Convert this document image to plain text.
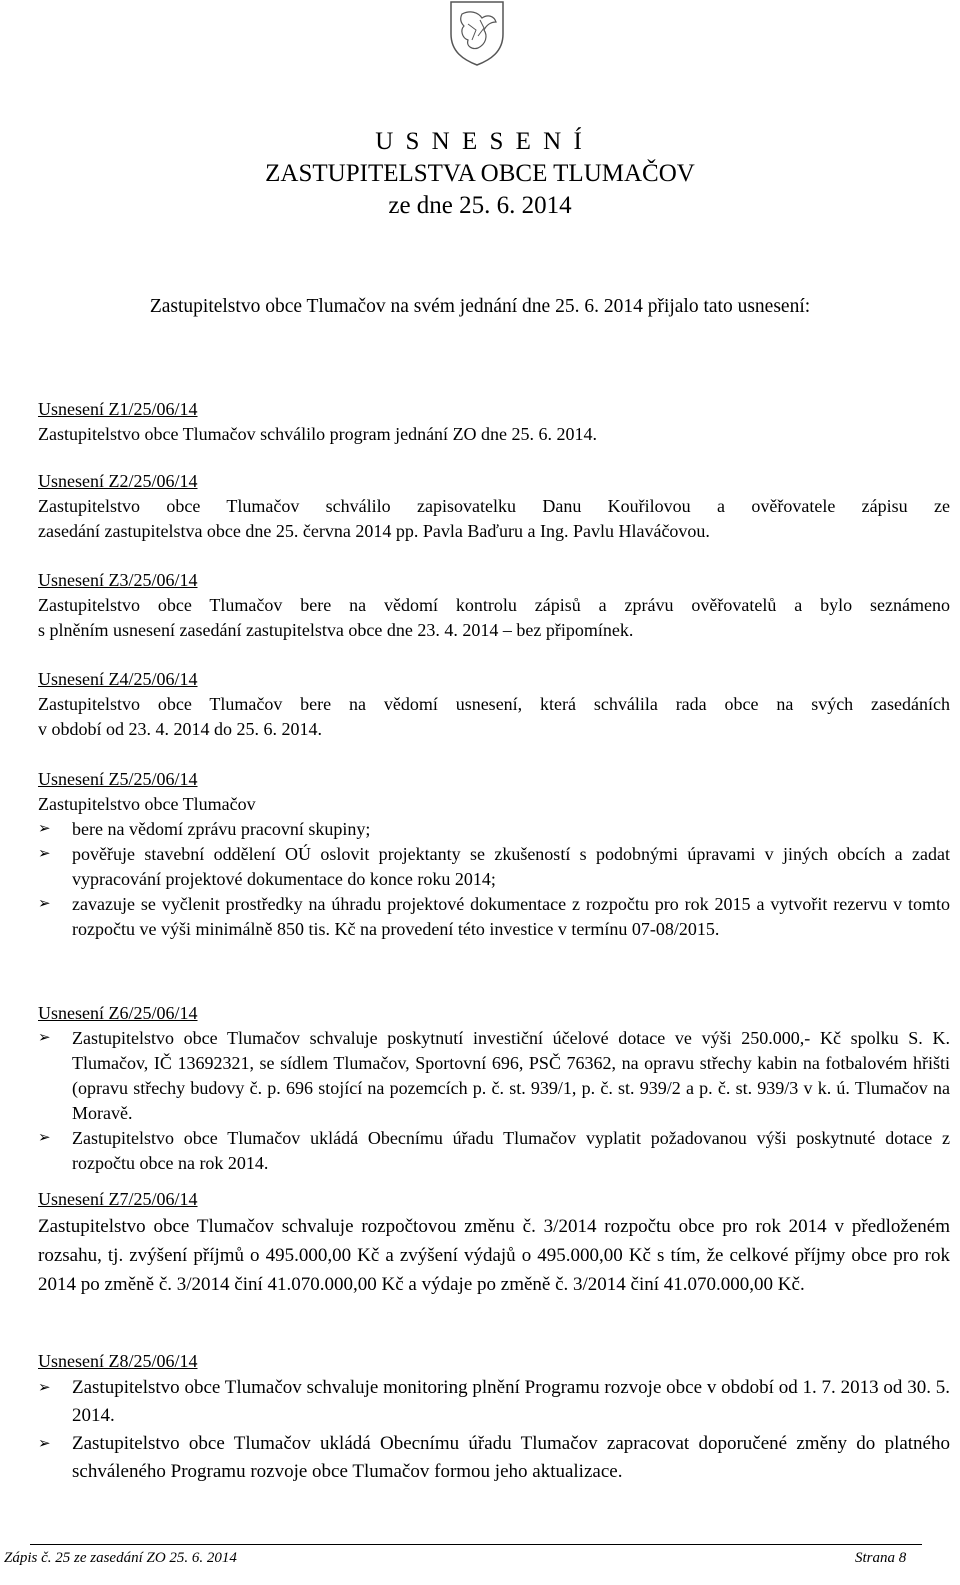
U S N E S E N Í
ZASTUPITELSTVA OBCE TLUMAČOV
ze dne 25. 6. 2014
Zastupitelstvo obce Tlumačov na svém jednání dne 25. 6. 2014 přijalo tato usnesení:
Usnesení Z1/25/06/14

Zastupitelstvo obce Tlumačov schválilo program jednání ZO dne 25. 6. 2014.

Usnesení Z2/25/06/14

Zastupitelstvo obce Tlumačov schválilo zapisovatelku Danu Kouřilovou a ověřovatele zápisu ze

zasedání zastupitelstva obce dne 25. června 2014 pp. Pavla Baďuru a Ing. Pavlu Hlaváčovou.

Usnesení Z3/25/06/14

Zastupitelstvo obce Tlumačov bere na vědomí kontrolu zápisů a zprávu ověřovatelů a bylo seznámeno

s plněním usnesení zasedání zastupitelstva obce dne 23. 4. 2014 – bez připomínek.

Usnesení Z4/25/06/14

Zastupitelstvo obce Tlumačov bere na vědomí usnesení, která schválila rada obce na svých zasedáních

v období od 23. 4. 2014 do 25. 6. 2014.

Usnesení Z5/25/06/14

Zastupitelstvo obce Tlumačov

➢ bere na vědomí zprávu pracovní skupiny;
➢ pověřuje stavební oddělení OÚ oslovit projektanty se zkušeností s podobnými úpravami v jiných obcích a zadat vypracování projektové dokumentace do konce roku 2014;
➢ zavazuje se vyčlenit prostředky na úhradu projektové dokumentace z rozpočtu pro rok 2015 a vytvořit rezervu v tomto rozpočtu ve výši minimálně 850 tis. Kč na provedení této investice v termínu 07-08/2015.
Usnesení Z6/25/06/14
➢ Zastupitelstvo obce Tlumačov schvaluje poskytnutí investiční účelové dotace ve výši 250.000,- Kč spolku S. K. Tlumačov, IČ 13692321, se sídlem Tlumačov, Sportovní 696, PSČ 76362, na opravu střechy kabin na fotbalovém hřišti (opravu střechy budovy č. p. 696 stojící na pozemcích p. č. st. 939/1, p. č. st. 939/2 a p. č. st. 939/3 v k. ú. Tlumačov na Moravě.
➢ Zastupitelstvo obce Tlumačov ukládá Obecnímu úřadu Tlumačov vyplatit požadovanou výši poskytnuté dotace z rozpočtu obce na rok 2014.
Usnesení Z7/25/06/14

Zastupitelstvo obce Tlumačov schvaluje rozpočtovou změnu č. 3/2014 rozpočtu obce pro rok 2014 v předloženém rozsahu, tj. zvýšení příjmů o 495.000,00 Kč a zvýšení výdajů o 495.000,00 Kč s tím, že celkové příjmy obce pro rok 2014 po změně č. 3/2014 činí 41.070.000,00 Kč a výdaje po změně č. 3/2014 činí 41.070.000,00 Kč.

Usnesení Z8/25/06/14
➢ Zastupitelstvo obce Tlumačov schvaluje monitoring plnění Programu rozvoje obce v období od 1. 7. 2013 od 30. 5. 2014.
➢ Zastupitelstvo obce Tlumačov ukládá Obecnímu úřadu Tlumačov zapracovat doporučené změny do platného schváleného Programu rozvoje obce Tlumačov formou jeho aktualizace.
Zápis č. 25 ze zasedání ZO 25. 6. 2014	Strana 8
